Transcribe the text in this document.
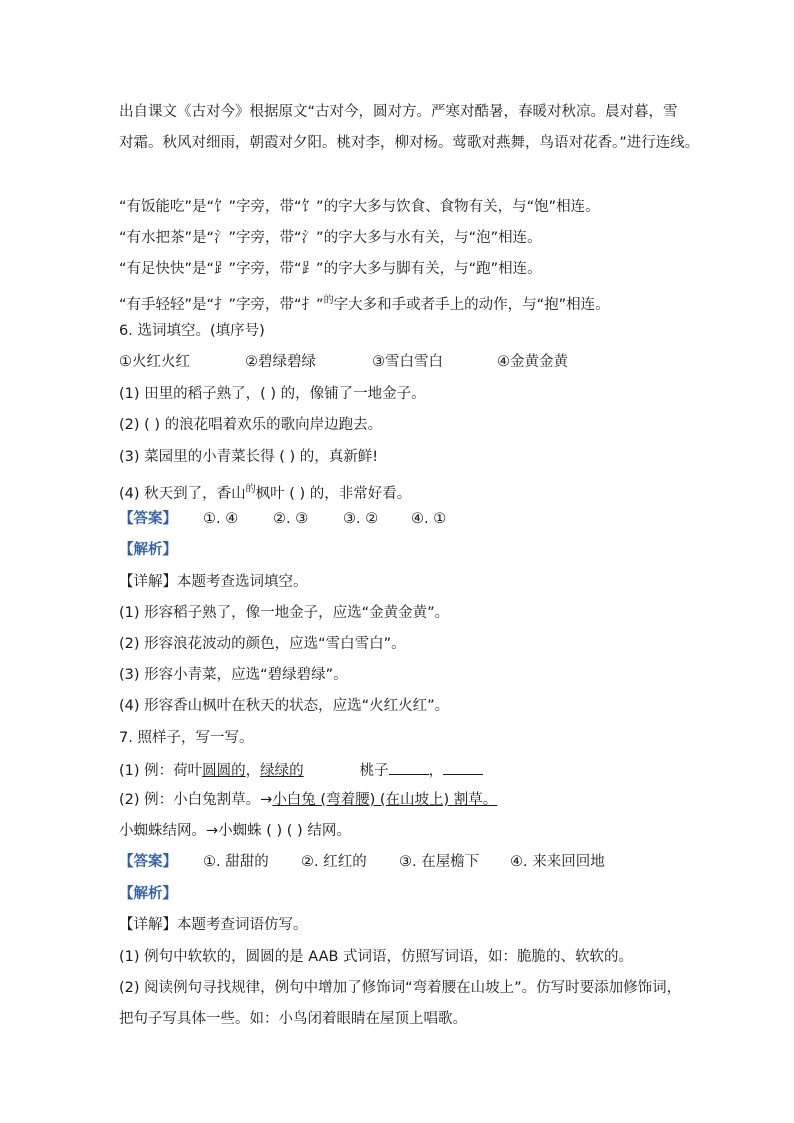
出自课文《古对今》根据原文“古对今，圆对方。严寒对酷暑，春暖对秋凉。晨对暮，雪
对霜。秋风对细雨，朝霞对夕阳。桃对李，柳对杨。莺歌对燕舞，鸟语对花香。”进行连线。
“有饭能吃”是“饣”字旁，带“饣”的字大多与饮食、食物有关，与“饱”相连。
“有水把茶”是“氵”字旁，带“氵”的字大多与水有关，与“泡”相连。
“有足快快”是“⻊”字旁，带“⻊”的字大多与脚有关，与“跑”相连。
“有手轻轻”是“扌”字旁，带“扌”$^的$字大多和手或者手上的动作，与“抱”相连。
6. 选词填空。(填序号)
①火红火红	②碧绿碧绿	③雪白雪白	④金黄金黄
(1) 田里的稻子熟了，( ) 的，像铺了一地金子。
(2) ( ) 的浪花唱着欢乐的歌向岸边跑去。
(3) 菜园里的小青菜长得 ( ) 的，真新鲜!
(4) 秋天到了，香山$^的$枫叶 ( ) 的，非常好看。
【答案】 ①. ④ ②. ③ ③. ② ④. ①
【解析】
【详解】本题考查选词填空。
(1) 形容稻子熟了，像一地金子，应选“金黄金黄”。
(2) 形容浪花波动的颜色，应选“雪白雪白”。
(3) 形容小青菜，应选“碧绿碧绿”。
(4) 形容香山枫叶在秋天的状态，应选“火红火红”。
7. 照样子，写一写。
(1) 例：荷叶圆圆的，绿绿的	桃子	，
(2) 例：小白兔割草。→小白兔 (弯着腰) (在山坡上) 割草。
小蜘蛛结网。→小蜘蛛 ( ) ( ) 结网。
【答案】 ①. 甜甜的 ②. 红红的 ③. 在屋檐下 ④. 来来回回地
【解析】
【详解】本题考查词语仿写。
(1) 例句中软软的，圆圆的是 AAB 式词语，仿照写词语，如：脆脆的、软软的。
(2) 阅读例句寻找规律，例句中增加了修饰词“弯着腰在山坡上”。仿写时要添加修饰词，
把句子写具体一些。如：小鸟闭着眼睛在屋顶上唱歌。
